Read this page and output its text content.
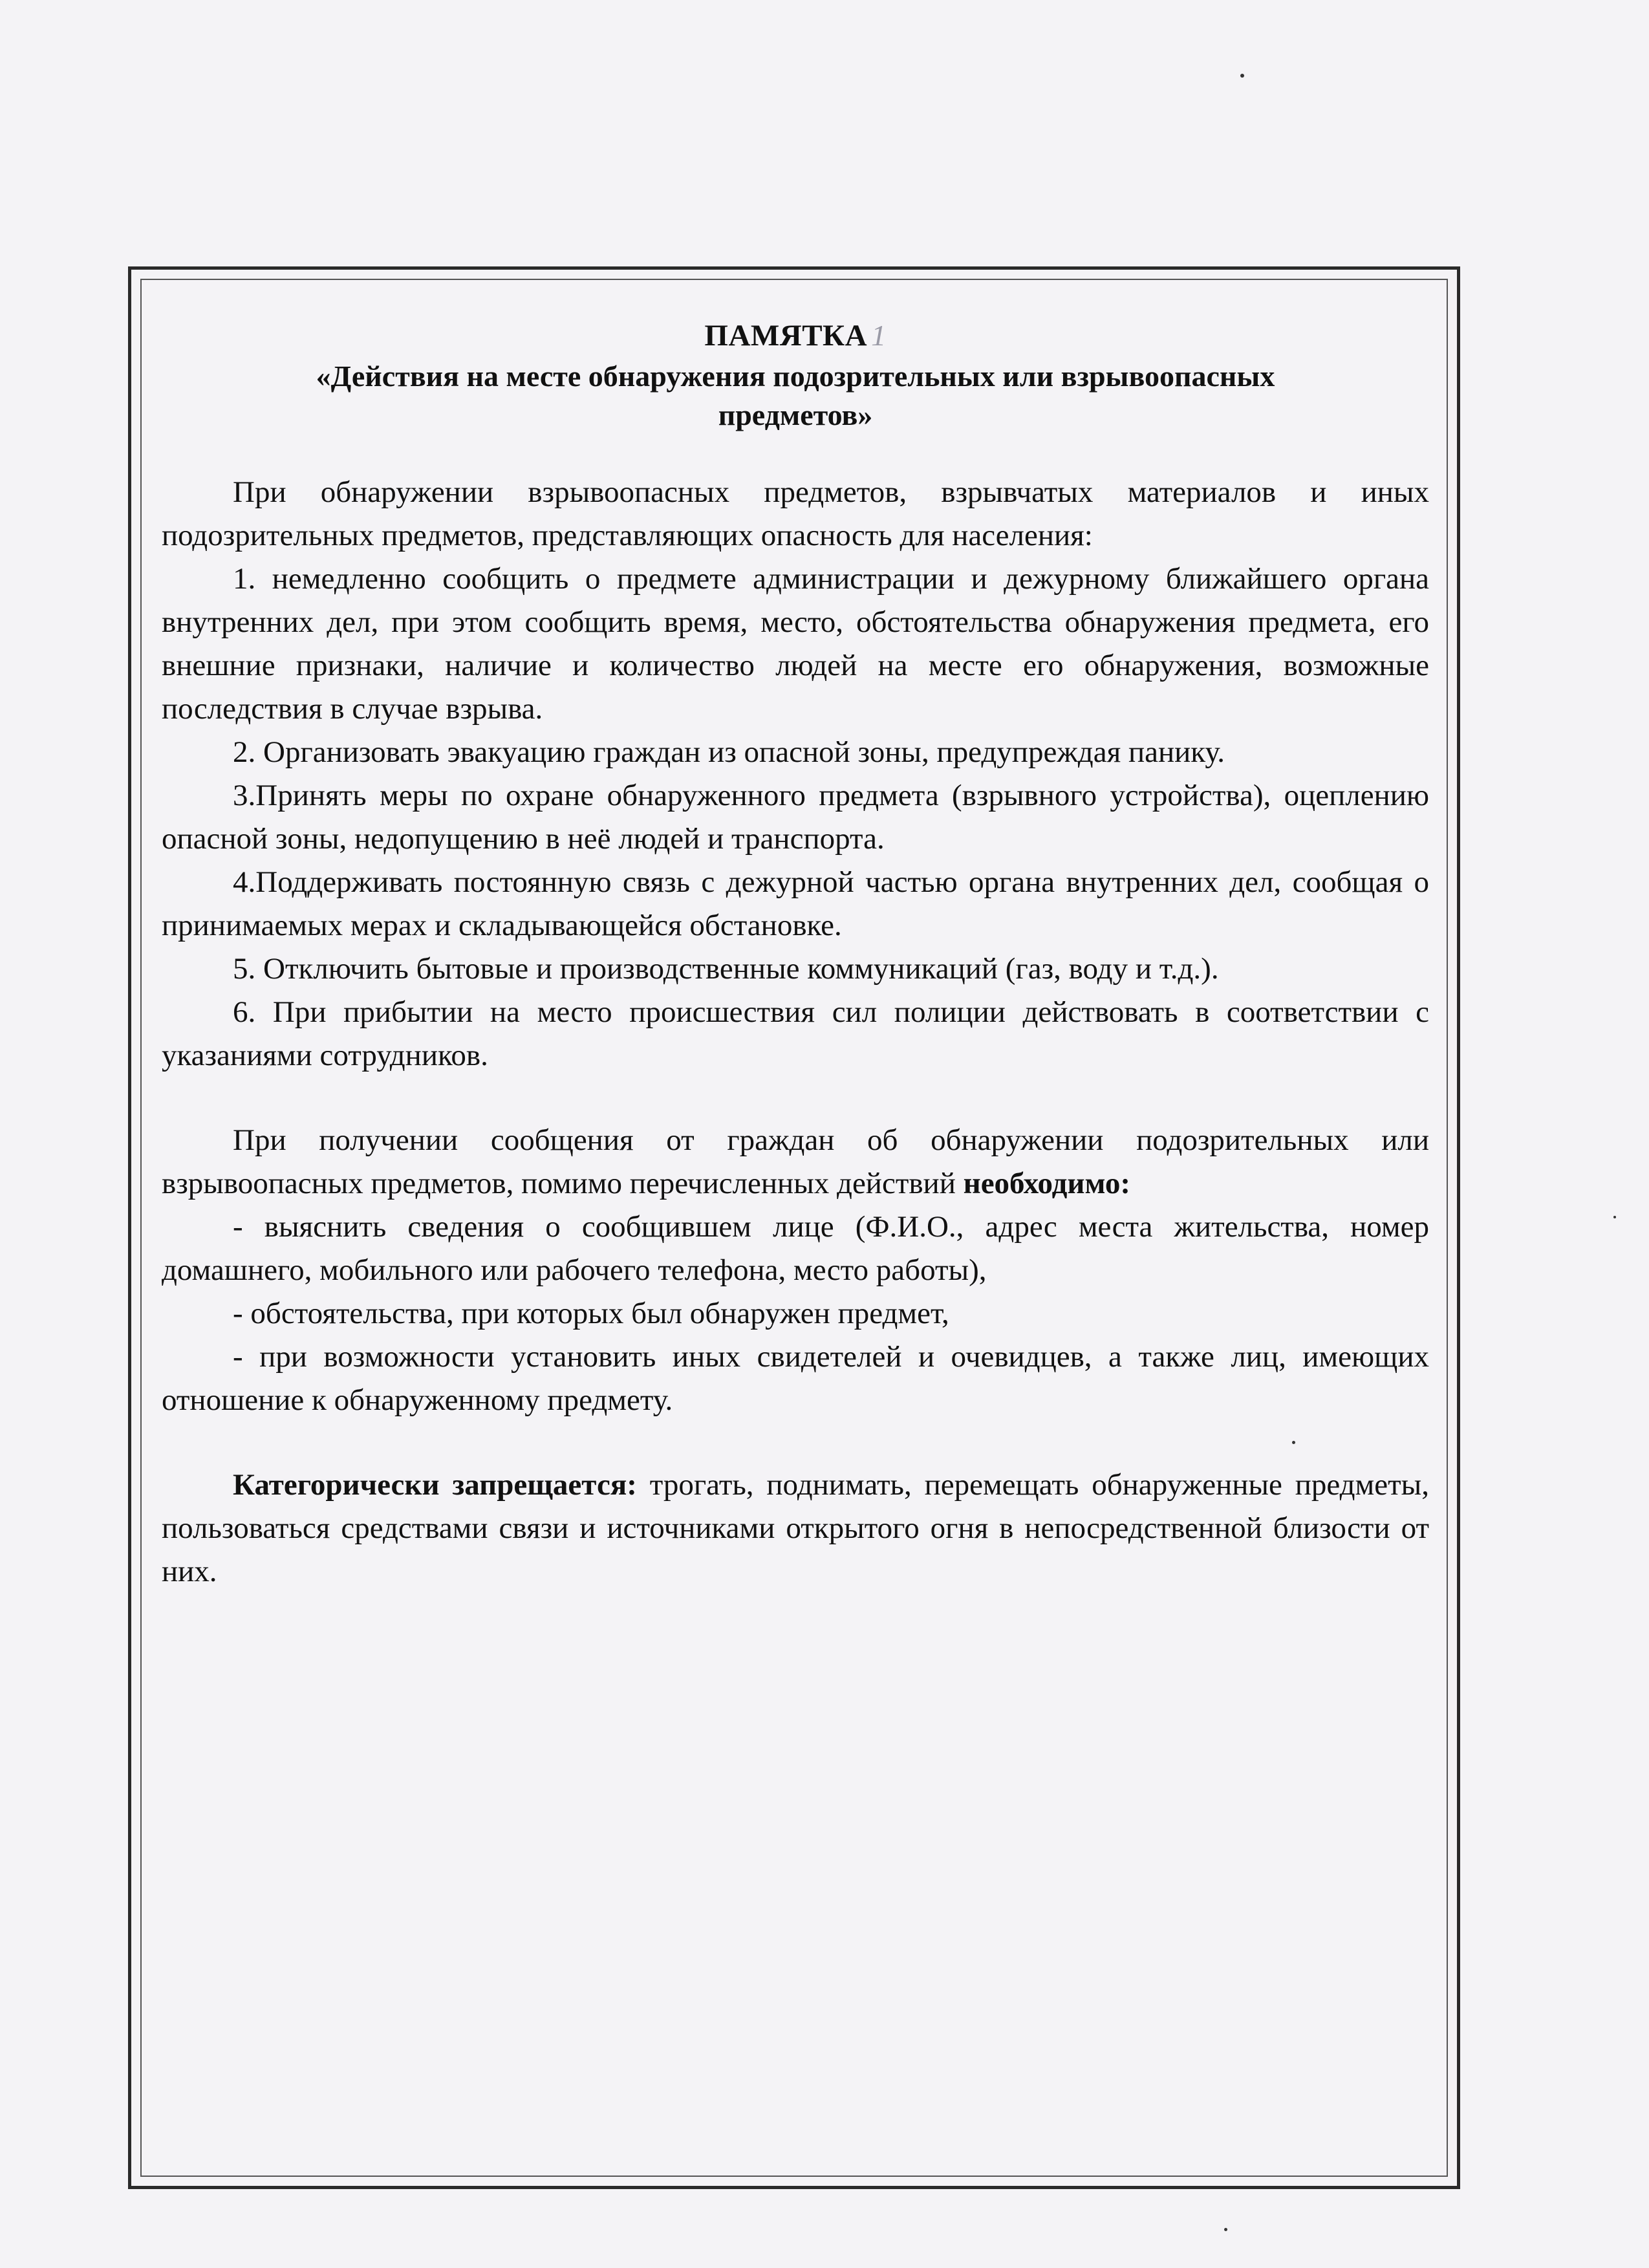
ПАМЯТКА 1
«Действия на месте обнаружения подозрительных или взрывоопасных предметов»

При обнаружении взрывоопасных предметов, взрывчатых материалов и иных подозрительных предметов, представляющих опасность для населения:

1. немедленно сообщить о предмете администрации и дежурному ближайшего органа внутренних дел, при этом сообщить время, место, обстоятельства обнаружения предмета, его внешние признаки, наличие и количество людей на месте его обнаружения, возможные последствия в случае взрыва.

2. Организовать эвакуацию граждан из опасной зоны, предупреждая панику.

3.Принять меры по охране обнаруженного предмета (взрывного устройства), оцеплению опасной зоны, недопущению в неё людей и транспорта.

4.Поддерживать постоянную связь с дежурной частью органа внутренних дел, сообщая о принимаемых мерах и складывающейся обстановке.

5. Отключить бытовые и производственные коммуникаций (газ, воду и т.д.).

6. При прибытии на место происшествия сил полиции действовать в соответствии с указаниями сотрудников.

При получении сообщения от граждан об обнаружении подозрительных или взрывоопасных предметов, помимо перечисленных действий необходимо:

- выяснить сведения о сообщившем лице (Ф.И.О., адрес места жительства, номер домашнего, мобильного или рабочего телефона, место работы),

- обстоятельства, при которых был обнаружен предмет,

- при возможности установить иных свидетелей и очевидцев, а также лиц, имеющих отношение к обнаруженному предмету.

Категорически запрещается: трогать, поднимать, перемещать обнаруженные предметы, пользоваться средствами связи и источниками открытого огня в непосредственной близости от них.
